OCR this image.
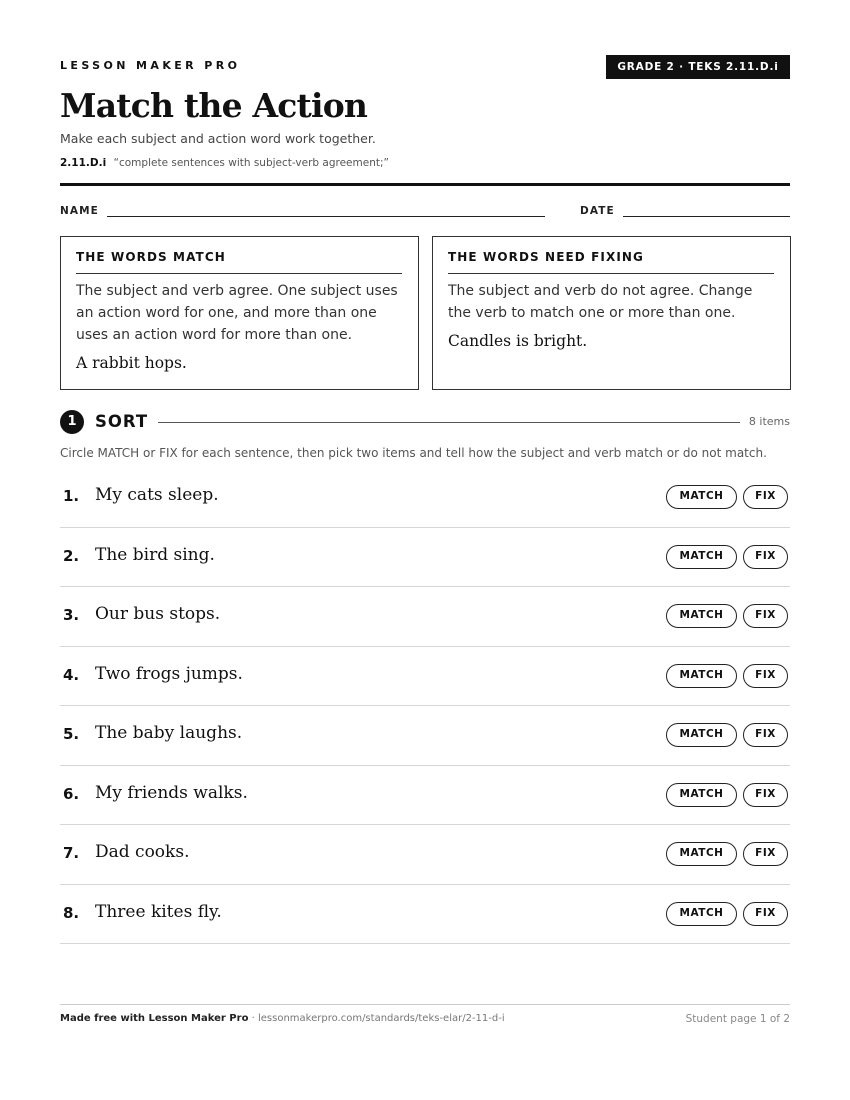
LESSON MAKER PRO	GRADE 2 · TEKS 2.11.D.i
Match the Action
Make each subject and action word work together.
2.11.D.i “complete sentences with subject-verb agreement;”
NAME	DATE
THE WORDS MATCH
The subject and verb agree. One subject uses an action word for one, and more than one uses an action word for more than one.
A rabbit hops.
THE WORDS NEED FIXING
The subject and verb do not agree. Change the verb to match one or more than one.
Candles is bright.
1	SORT	8 items
Circle MATCH or FIX for each sentence, then pick two items and tell how the subject and verb match or do not match.
1. My cats sleep.	MATCH	FIX
2. The bird sing.	MATCH	FIX
3. Our bus stops.	MATCH	FIX
4. Two frogs jumps.	MATCH	FIX
5. The baby laughs.	MATCH	FIX
6. My friends walks.	MATCH	FIX
7. Dad cooks.	MATCH	FIX
8. Three kites fly.	MATCH	FIX
Made free with Lesson Maker Pro · lessonmakerpro.com/standards/teks-elar/2-11-d-i	Student page 1 of 2
